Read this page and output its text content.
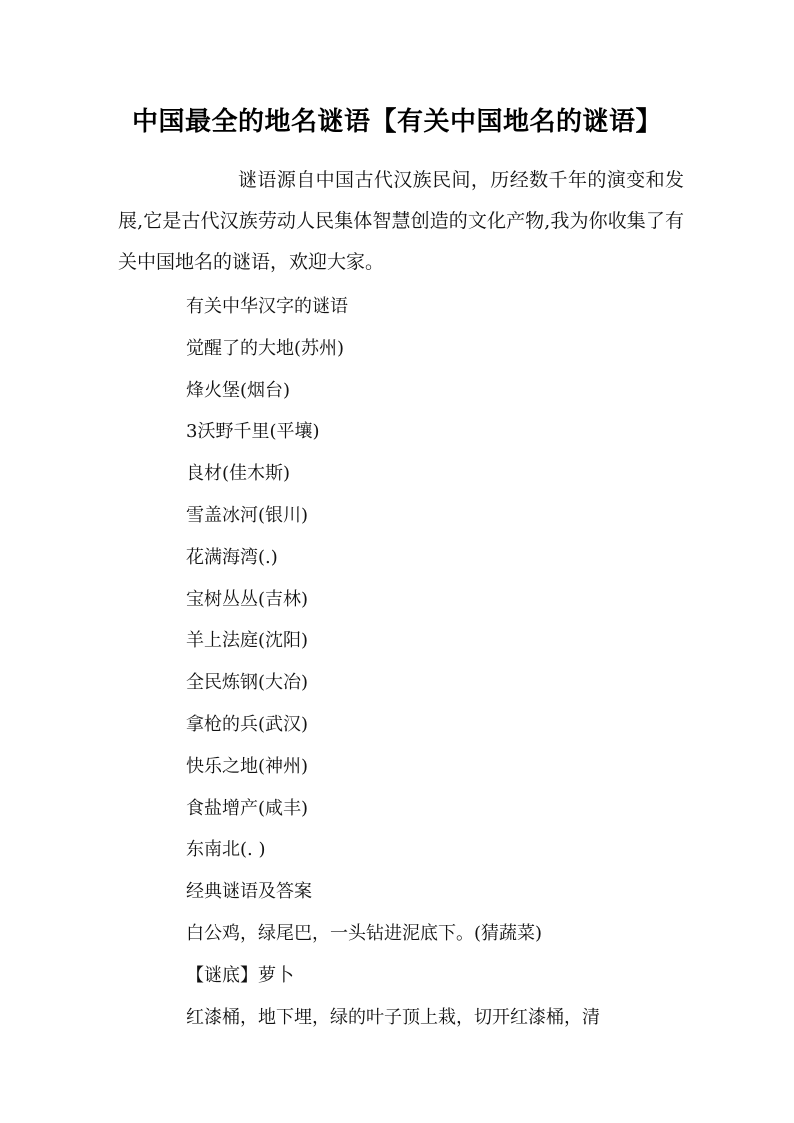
中国最全的地名谜语【有关中国地名的谜语】

谜语源自中国古代汉族民间，历经数千年的演变和发展,它是古代汉族劳动人民集体智慧创造的文化产物,我为你收集了有关中国地名的谜语，欢迎大家。

有关中华汉字的谜语
觉醒了的大地(苏州)
烽火堡(烟台)
3沃野千里(平壤)
良材(佳木斯)
雪盖冰河(银川)
花满海湾(.)
宝树丛丛(吉林)
羊上法庭(沈阳)
全民炼钢(大冶)
拿枪的兵(武汉)
快乐之地(神州)
食盐增产(咸丰)
东南北(. )
经典谜语及答案
白公鸡，绿尾巴，一头钻进泥底下。(猜蔬菜)
【谜底】萝卜
红漆桶，地下埋，绿的叶子顶上栽，切开红漆桶，清
